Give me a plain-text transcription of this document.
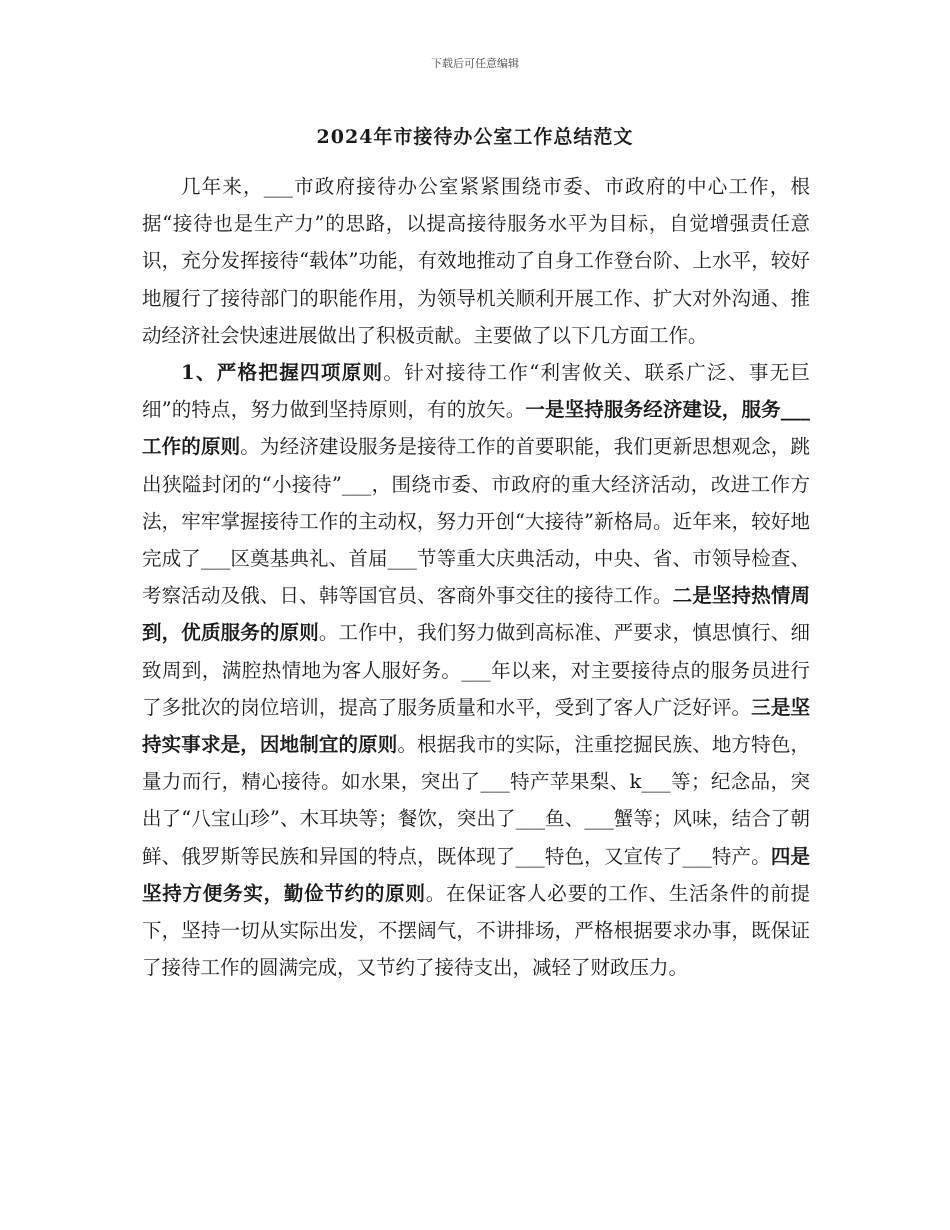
下载后可任意编辑
2024年市接待办公室工作总结范文

几年来，___市政府接待办公室紧紧围绕市委、市政府的中心工作，根据“接待也是生产力”的思路，以提高接待服务水平为目标，自觉增强责任意识，充分发挥接待“载体”功能，有效地推动了自身工作登台阶、上水平，较好地履行了接待部门的职能作用，为领导机关顺利开展工作、扩大对外沟通、推动经济社会快速进展做出了积极贡献。主要做了以下几方面工作。

1、严格把握四项原则。针对接待工作“利害攸关、联系广泛、事无巨细”的特点，努力做到坚持原则，有的放矢。一是坚持服务经济建设，服务___工作的原则。为经济建设服务是接待工作的首要职能，我们更新思想观念，跳出狭隘封闭的“小接待”___，围绕市委、市政府的重大经济活动，改进工作方法，牢牢掌握接待工作的主动权，努力开创“大接待”新格局。近年来，较好地完成了___区奠基典礼、首届___节等重大庆典活动，中央、省、市领导检查、考察活动及俄、日、韩等国官员、客商外事交往的接待工作。二是坚持热情周到，优质服务的原则。工作中，我们努力做到高标准、严要求，慎思慎行、细致周到，满腔热情地为客人服好务。___年以来，对主要接待点的服务员进行了多批次的岗位培训，提高了服务质量和水平，受到了客人广泛好评。三是坚持实事求是，因地制宜的原则。根据我市的实际，注重挖掘民族、地方特色，量力而行，精心接待。如水果，突出了___特产苹果梨、k___等；纪念品，突出了“八宝山珍”、木耳块等；餐饮，突出了___鱼、___蟹等；风味，结合了朝鲜、俄罗斯等民族和异国的特点，既体现了___特色，又宣传了___特产。四是坚持方便务实，勤俭节约的原则。在保证客人必要的工作、生活条件的前提下，坚持一切从实际出发，不摆阔气，不讲排场，严格根据要求办事，既保证了接待工作的圆满完成，又节约了接待支出，减轻了财政压力。
